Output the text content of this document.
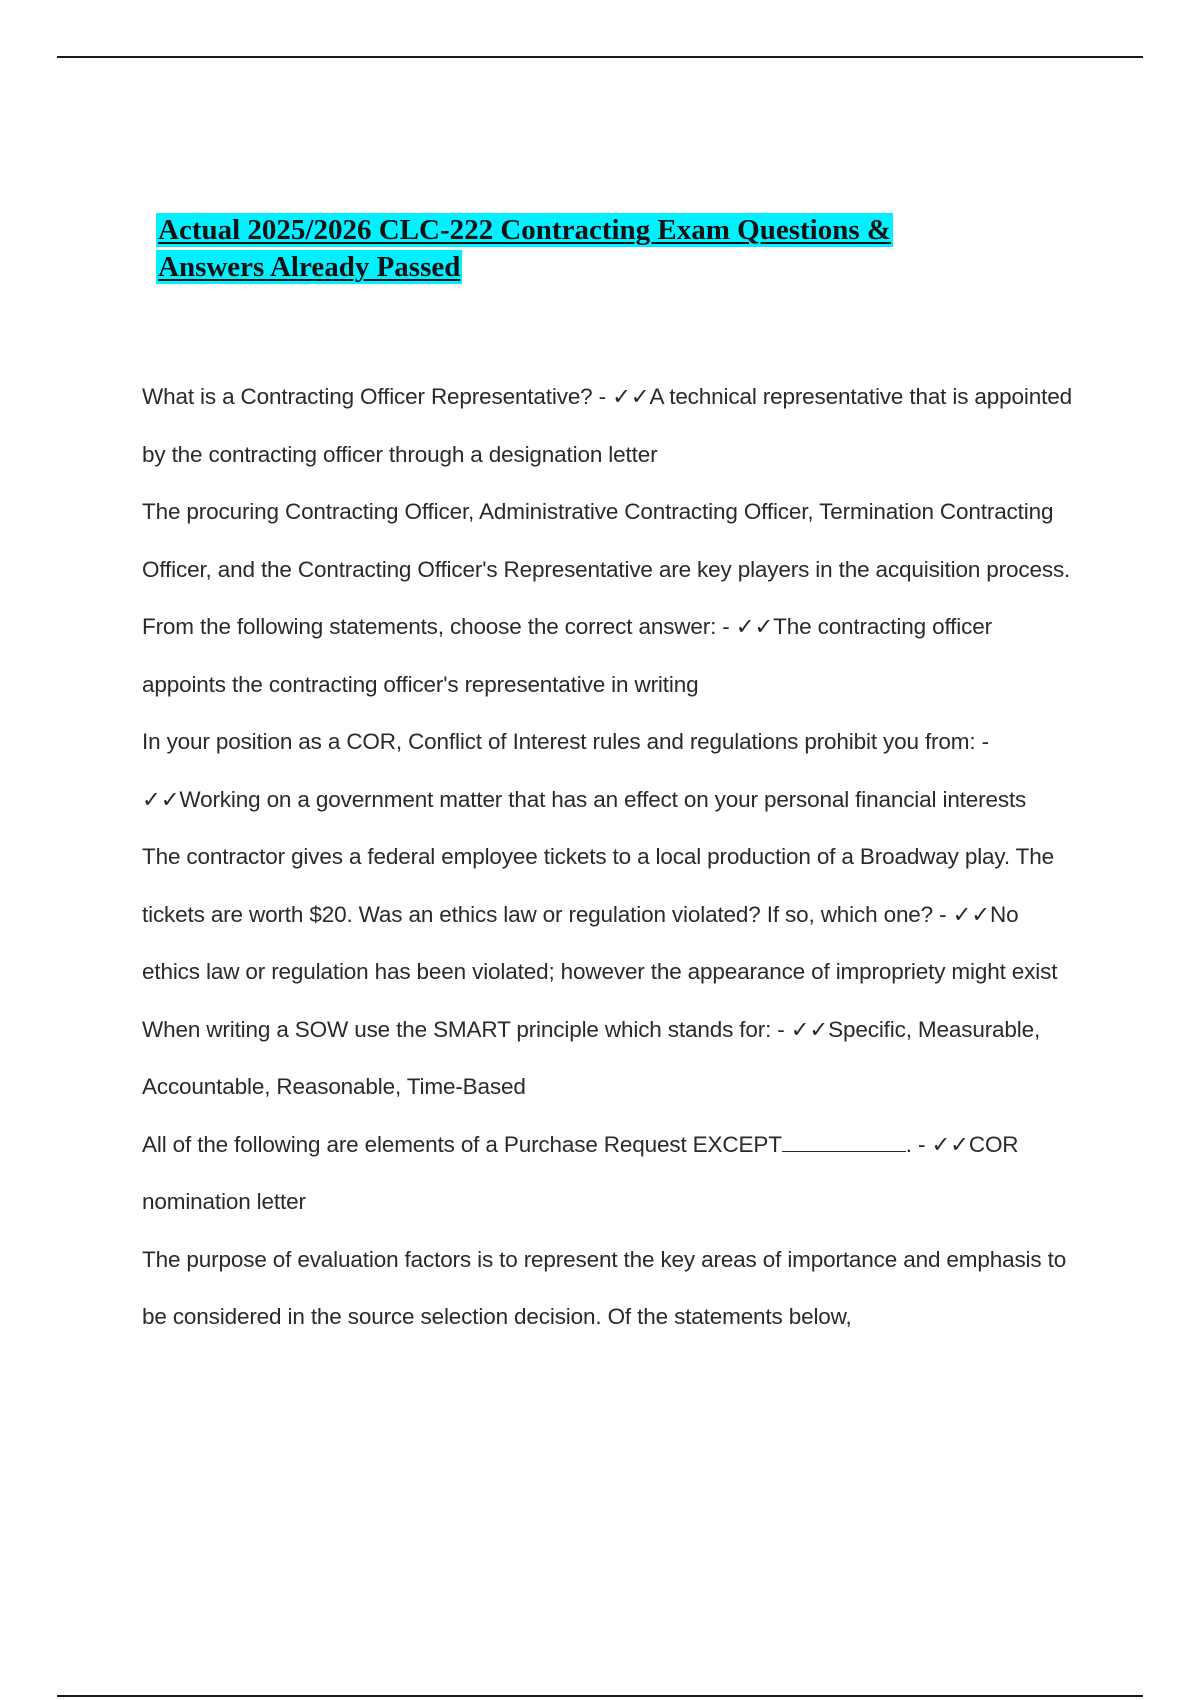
Actual 2025/2026 CLC-222 Contracting Exam Questions &
Answers Already Passed

What is a Contracting Officer Representative? - ✓✓A technical representative that is appointed by the contracting officer through a designation letter

The procuring Contracting Officer, Administrative Contracting Officer, Termination Contracting Officer, and the Contracting Officer's Representative are key players in the acquisition process. From the following statements, choose the correct answer: - ✓✓The contracting officer appoints the contracting officer's representative in writing

In your position as a COR, Conflict of Interest rules and regulations prohibit you from: - ✓✓Working on a government matter that has an effect on your personal financial interests

The contractor gives a federal employee tickets to a local production of a Broadway play. The tickets are worth $20. Was an ethics law or regulation violated? If so, which one? - ✓✓No ethics law or regulation has been violated; however the appearance of impropriety might exist

When writing a SOW use the SMART principle which stands for: - ✓✓Specific, Measurable, Accountable, Reasonable, Time-Based

All of the following are elements of a Purchase Request EXCEPT	. - ✓✓COR nomination letter

The purpose of evaluation factors is to represent the key areas of importance and emphasis to be considered in the source selection decision. Of the statements below,
